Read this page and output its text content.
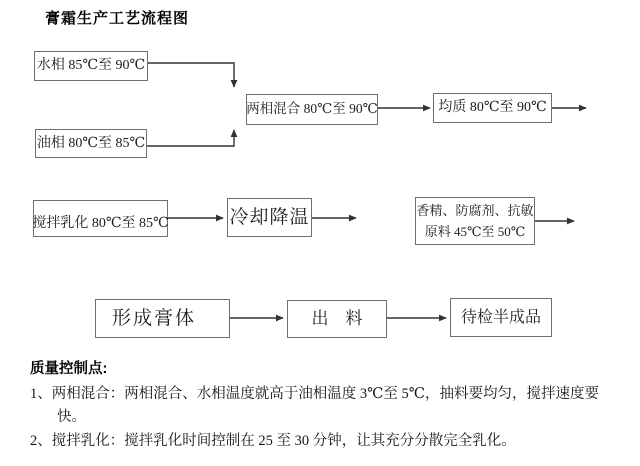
膏霜生产工艺流程图
水相 85℃至 90℃
油相 80℃至 85℃
两相混合 80℃至 90℃	均质 80℃至 90℃
搅拌乳化 80℃至 85℃	冷却降温	香精、防腐剂、抗敏
原料 45℃至 50℃
形成膏体	出　料	待检半成品
质量控制点:
1、两相混合：两相混合、水相温度就高于油相温度 3℃至 5℃，抽料要均匀，搅拌速度要
快。
2、搅拌乳化：搅拌乳化时间控制在 25 至 30 分钟，让其充分分散完全乳化。
